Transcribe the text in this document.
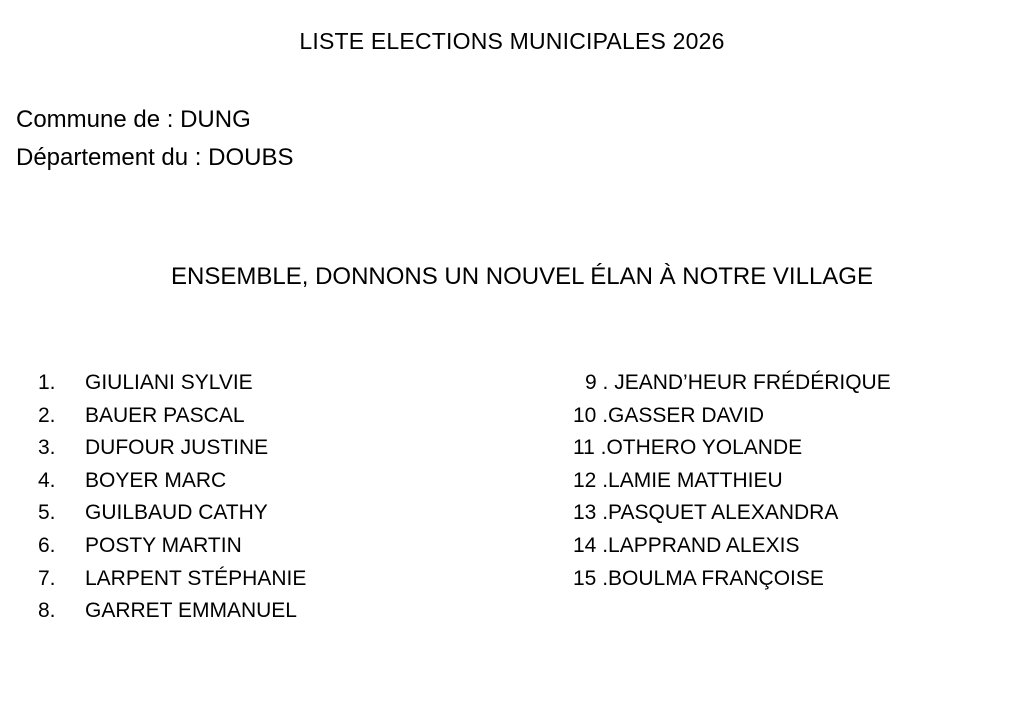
LISTE ELECTIONS MUNICIPALES 2026
Commune de : DUNG
Département du : DOUBS
ENSEMBLE, DONNONS UN NOUVEL ÉLAN À NOTRE VILLAGE
1. GIULIANI SYLVIE
2. BAUER PASCAL
3. DUFOUR JUSTINE
4. BOYER MARC
5. GUILBAUD CATHY
6. POSTY MARTIN
7. LARPENT STÉPHANIE
8. GARRET EMMANUEL
9 . JEAND’HEUR FRÉDÉRIQUE
10 .GASSER DAVID
11 .OTHERO YOLANDE
12 .LAMIE MATTHIEU
13 .PASQUET ALEXANDRA
14 .LAPPRAND ALEXIS
15 .BOULMA FRANÇOISE
